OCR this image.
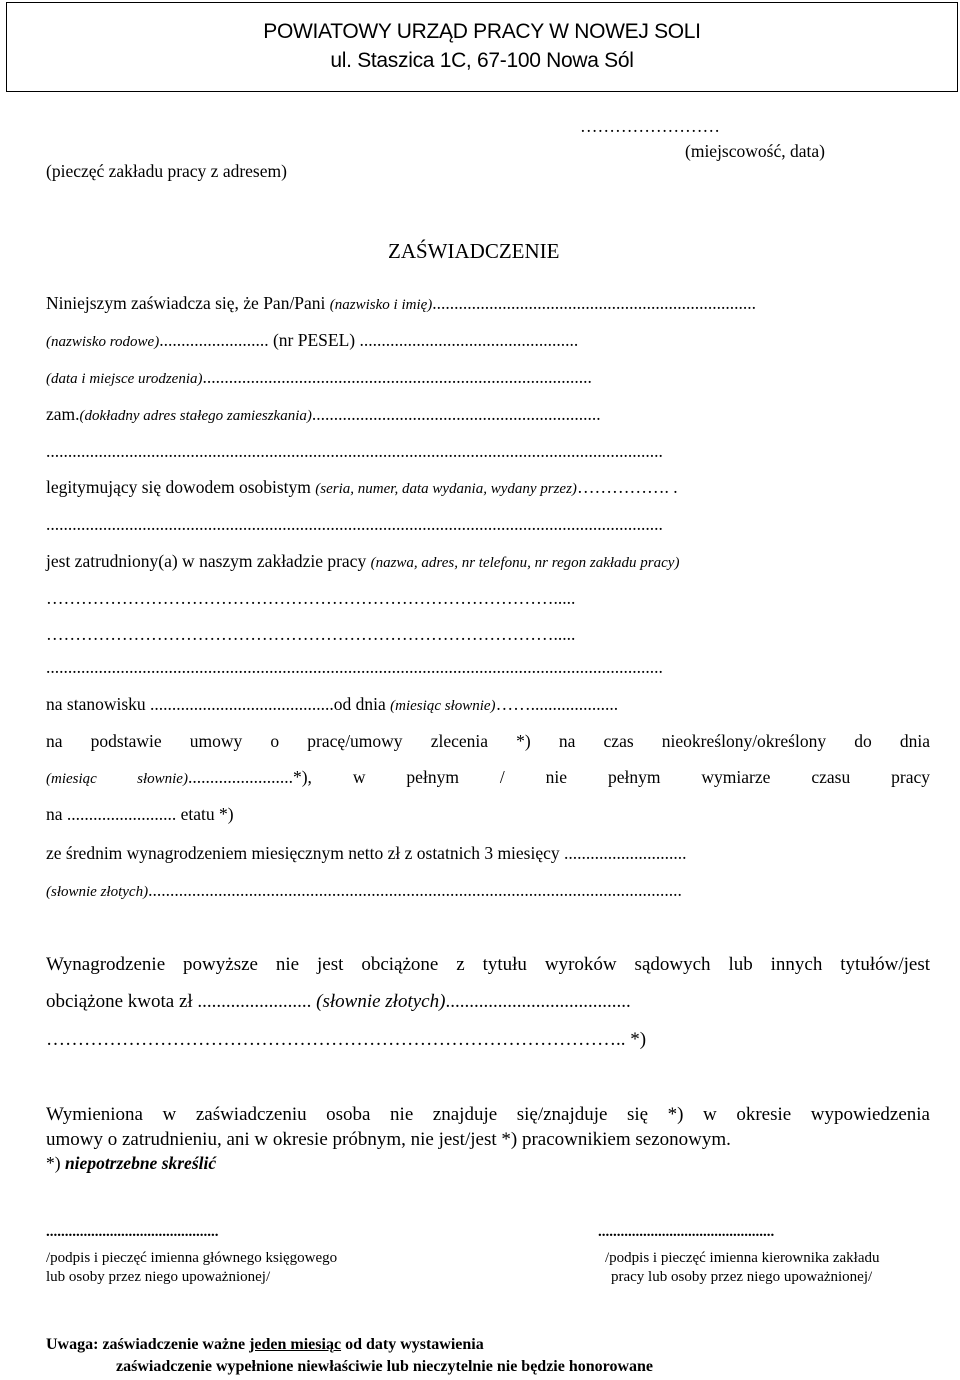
POWIATOWY URZĄD PRACY W NOWEJ SOLI
ul. Staszica 1C, 67-100 Nowa Sól
……………………
(miejscowość, data)
(pieczęć zakładu pracy z adresem)
ZAŚWIADCZENIE
Niniejszym zaświadcza się, że Pan/Pani (nazwisko i imię)..........................................................................
(nazwisko rodowe)......................... (nr PESEL) ..................................................
(data i miejsce urodzenia).........................................................................................
zam.(dokładny adres stałego zamieszkania)..................................................................
.............................................................................................................................................
legitymujący się dowodem osobistym (seria, numer, data wydania, wydany przez)……………. .
.............................................................................................................................................
jest zatrudniony(a) w naszym zakładzie pracy (nazwa, adres, nr telefonu, nr regon zakładu pracy)
…………………………………………………………………………….....
…………………………………………………………………………….....
.............................................................................................................................................
na stanowisku ..........................................od dnia (miesiąc słownie)……....................
na podstawie umowy o pracę/umowy zlecenia *) na czas nieokreślony/określony do dnia
(miesiąc słownie)........................*), w pełnym / nie pełnym wymiarze czasu pracy
na ......................... etatu *)
ze średnim wynagrodzeniem miesięcznym netto zł z ostatnich 3 miesięcy ............................
(słownie złotych)..........................................................................................................................
Wynagrodzenie powyższe nie jest obciążone z tytułu wyroków sądowych lub innych tytułów/jest
obciążone kwota zł ........................ (słownie złotych).......................................
……………………………………………………………………………….. *)
Wymieniona w zaświadczeniu osoba nie znajduje się/znajduje się *) w okresie wypowiedzenia
umowy o zatrudnieniu, ani w okresie próbnym, nie jest/jest *) pracownikiem sezonowym.
*) niepotrzebne skreślić
..............................................
/podpis i pieczęć imienna głównego księgowego
lub osoby przez niego upoważnionej/
...............................................
/podpis i pieczęć imienna kierownika zakładu
pracy lub osoby przez niego upoważnionej/
Uwaga: zaświadczenie ważne jeden miesiąc od daty wystawienia
zaświadczenie wypełnione niewłaściwie lub nieczytelnie nie będzie honorowane
